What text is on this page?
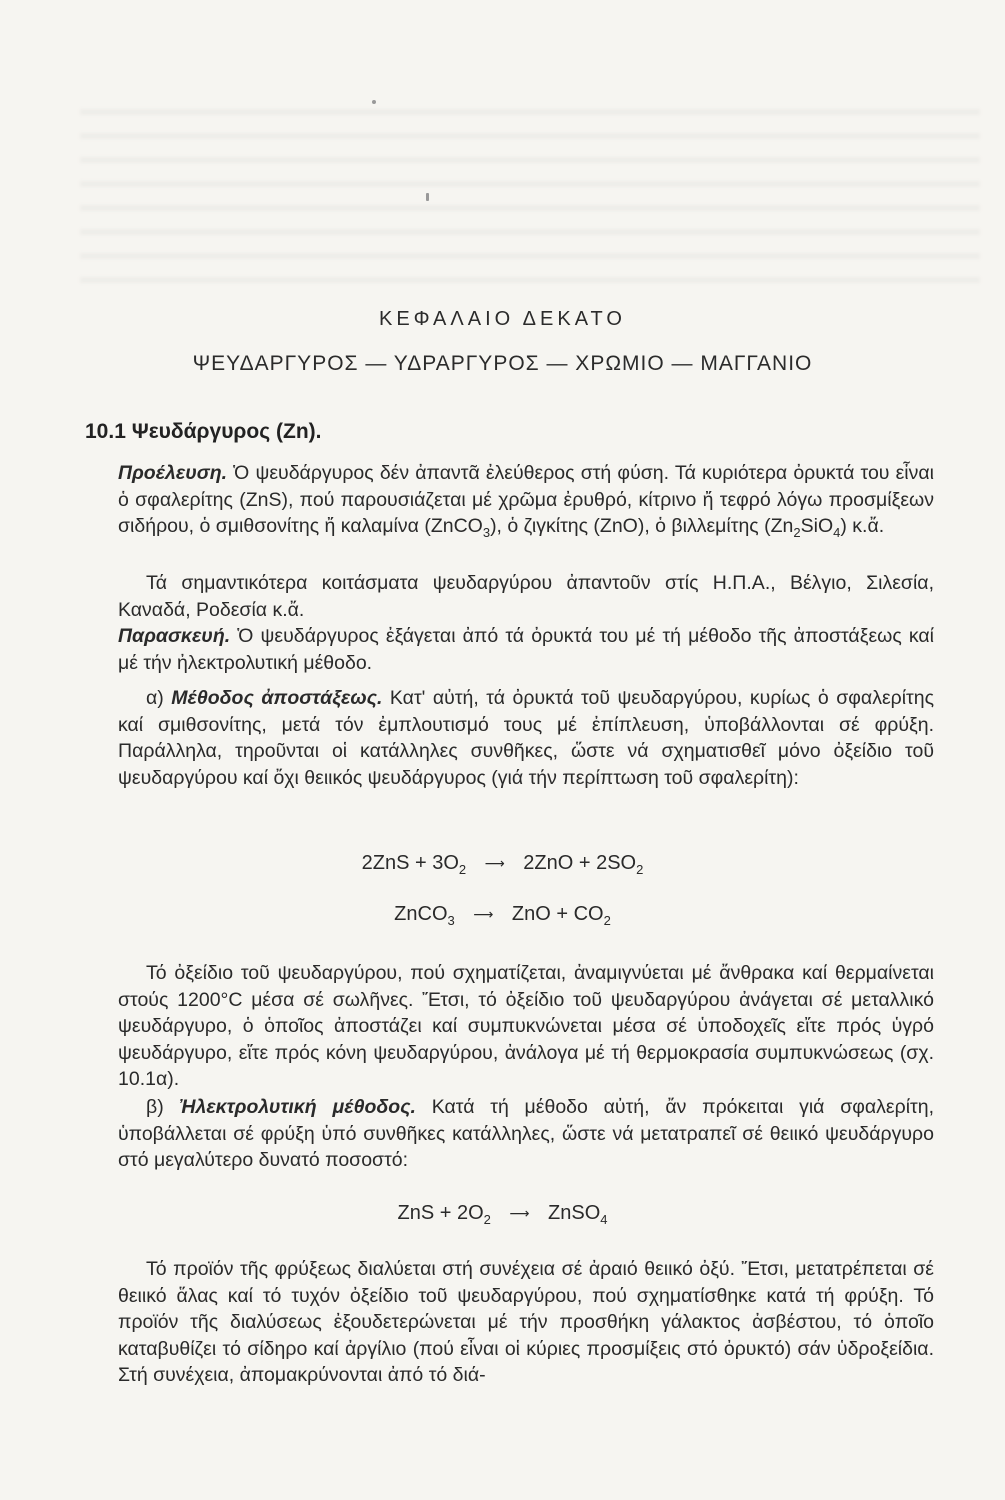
ΚΕΦΑΛΑΙΟ ΔΕΚΑΤΟ
ΨΕΥΔΑΡΓΥΡΟΣ — ΥΔΡΑΡΓΥΡΟΣ — ΧΡΩΜΙΟ — ΜΑΓΓΑΝΙΟ
10.1 Ψευδάργυρος (Zn).
Προέλευση. Ὁ ψευδάργυρος δέν ἀπαντᾶ ἐλεύθερος στή φύση. Τά κυριότερα ὀρυκτά του εἶναι ὁ σφαλερίτης (ZnS), πού παρουσιάζεται μέ χρῶμα ἐρυθρό, κίτρινο ἤ τεφρό λόγω προσμίξεων σιδήρου, ὁ σμιθσονίτης ἤ καλαμίνα (ZnCO$_3$), ὁ ζιγκίτης (ZnO), ὁ βιλλεμίτης $(Zn_2SiO_4)$ κ.ἄ.
Τά σημαντικότερα κοιτάσματα ψευδαργύρου ἀπαντοῦν στίς Η.Π.Α., Βέλγιο, Σιλεσία, Καναδά, Ροδεσία κ.ἄ.
Παρασκευή. Ὁ ψευδάργυρος ἐξάγεται ἀπό τά ὀρυκτά του μέ τή μέθοδο τῆς ἀποστάξεως καί μέ τήν ἠλεκτρολυτική μέθοδο.
α) Μέθοδος ἀποστάξεως. Κατ' αὐτή, τά ὀρυκτά τοῦ ψευδαργύρου, κυρίως ὁ σφαλερίτης καί σμιθσονίτης, μετά τόν ἐμπλουτισμό τους μέ ἐπίπλευση, ὑποβάλλονται σέ φρύξη. Παράλληλα, τηροῦνται οἱ κατάλληλες συνθῆκες, ὥστε νά σχηματισθεῖ μόνο ὀξείδιο τοῦ ψευδαργύρου καί ὄχι θειικός ψευδάργυρος (γιά τήν περίπτωση τοῦ σφαλερίτη):
$2ZnS + 3O_2$ ⟶ $2ZnO + 2SO_2$
ZnCO$_3$ ⟶ ZnO + $CO_2$
Τό ὀξείδιο τοῦ ψευδαργύρου, πού σχηματίζεται, ἀναμιγνύεται μέ ἄνθρακα καί θερμαίνεται στούς 1200°C μέσα σέ σωλῆνες. Ἔτσι, τό ὀξείδιο τοῦ ψευδαργύρου ἀνάγεται σέ μεταλλικό ψευδάργυρο, ὁ ὁποῖος ἀποστάζει καί συμπυκνώνεται μέσα σέ ὑποδοχεῖς εἴτε πρός ὑγρό ψευδάργυρο, εἴτε πρός κόνη ψευδαργύρου, ἀνάλογα μέ τή θερμοκρασία συμπυκνώσεως (σχ. 10.1α).
β) Ἠλεκτρολυτική μέθοδος. Κατά τή μέθοδο αὐτή, ἄν πρόκειται γιά σφαλερίτη, ὑποβάλλεται σέ φρύξη ὑπό συνθῆκες κατάλληλες, ὥστε νά μετατραπεῖ σέ θειικό ψευδάργυρο στό μεγαλύτερο δυνατό ποσοστό:
ZnS + $2O_2$ ⟶ ZnSO$_4$
Τό προϊόν τῆς φρύξεως διαλύεται στή συνέχεια σέ ἀραιό θειικό ὀξύ. Ἔτσι, μετατρέπεται σέ θειικό ἅλας καί τό τυχόν ὀξείδιο τοῦ ψευδαργύρου, πού σχηματίσθηκε κατά τή φρύξη. Τό προϊόν τῆς διαλύσεως ἐξουδετερώνεται μέ τήν προσθήκη γάλακτος ἀσβέστου, τό ὁποῖο καταβυθίζει τό σίδηρο καί ἀργίλιο (πού εἶναι οἱ κύριες προσμίξεις στό ὀρυκτό) σάν ὑδροξείδια. Στή συνέχεια, ἀπομακρύνονται ἀπό τό διά-
